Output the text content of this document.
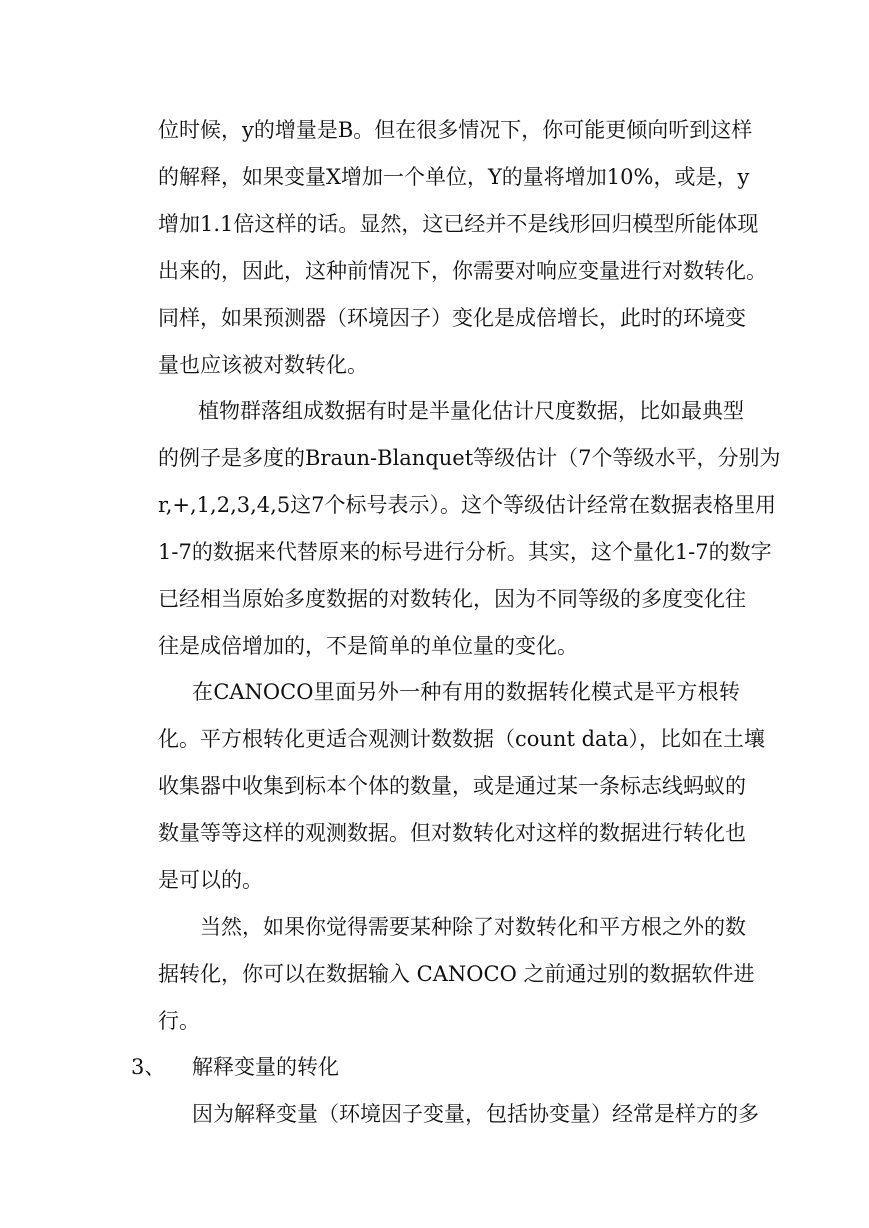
位时候，y的增量是B。但在很多情况下，你可能更倾向听到这样
的解释，如果变量X增加一个单位，Y的量将增加10%，或是，y
增加1.1倍这样的话。显然，这已经并不是线形回归模型所能体现
出来的，因此，这种前情况下，你需要对响应变量进行对数转化。
同样，如果预测器（环境因子）变化是成倍增长，此时的环境变
量也应该被对数转化。
植物群落组成数据有时是半量化估计尺度数据，比如最典型
的例子是多度的Braun-Blanquet等级估计（7个等级水平，分别为
r,+,1,2,3,4,5这7个标号表示）。这个等级估计经常在数据表格里用
1-7的数据来代替原来的标号进行分析。其实，这个量化1-7的数字
已经相当原始多度数据的对数转化，因为不同等级的多度变化往
往是成倍增加的，不是简单的单位量的变化。
在CANOCO里面另外一种有用的数据转化模式是平方根转
化。平方根转化更适合观测计数数据（count data），比如在土壤
收集器中收集到标本个体的数量，或是通过某一条标志线蚂蚁的
数量等等这样的观测数据。但对数转化对这样的数据进行转化也
是可以的。
当然，如果你觉得需要某种除了对数转化和平方根之外的数
据转化，你可以在数据输入 CANOCO 之前通过别的数据软件进
行。
3、 解释变量的转化
因为解释变量（环境因子变量，包括协变量）经常是样方的多
